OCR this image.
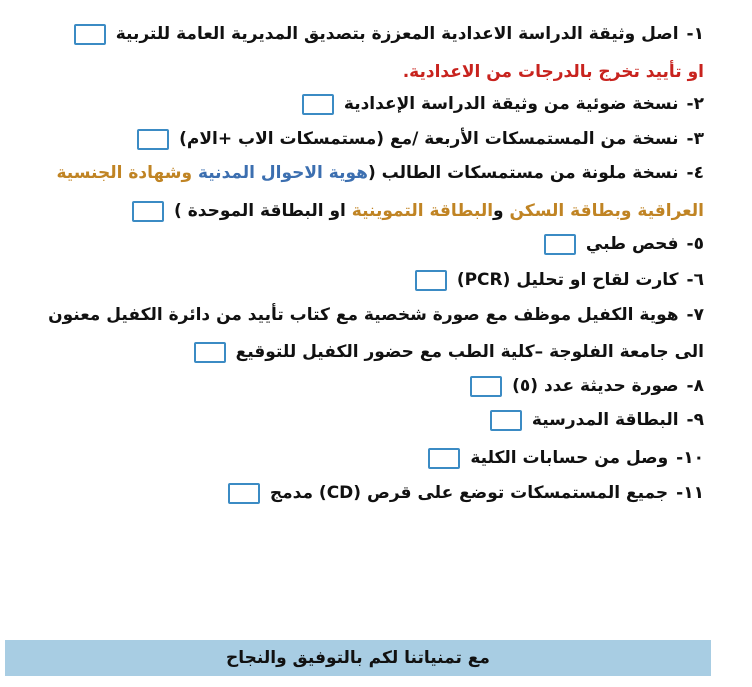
١-اصل وثيقة الدراسة الاعدادية المعززة بتصديق المديرية العامة للتربية
او تأييد تخرج بالدرجات من الاعدادية.
٢-نسخة ضوئية من وثيقة الدراسة الإعدادية
٣-نسخة من المستمسكات الأربعة /مع (مستمسكات الاب +الام)
٤-نسخة ملونة من مستمسكات الطالب (هوية الاحوال المدنية وشهادة الجنسية
العراقية وبطاقة السكن والبطاقة التموينية او البطاقة الموحدة )
٥-فحص طبي
٦-كارت لقاح او تحليل (PCR)
٧-هوية الكفيل موظف مع صورة شخصية مع كتاب تأييد من دائرة الكفيل معنون
الى جامعة الفلوجة –كلية الطب مع حضور الكفيل للتوقيع
٨-صورة حديثة عدد (٥)
٩-البطاقة المدرسية
١٠-وصل من حسابات الكلية
١١-جميع المستمسكات توضع على قرص (CD) مدمج
مع تمنياتنا لكم بالتوفيق والنجاح
